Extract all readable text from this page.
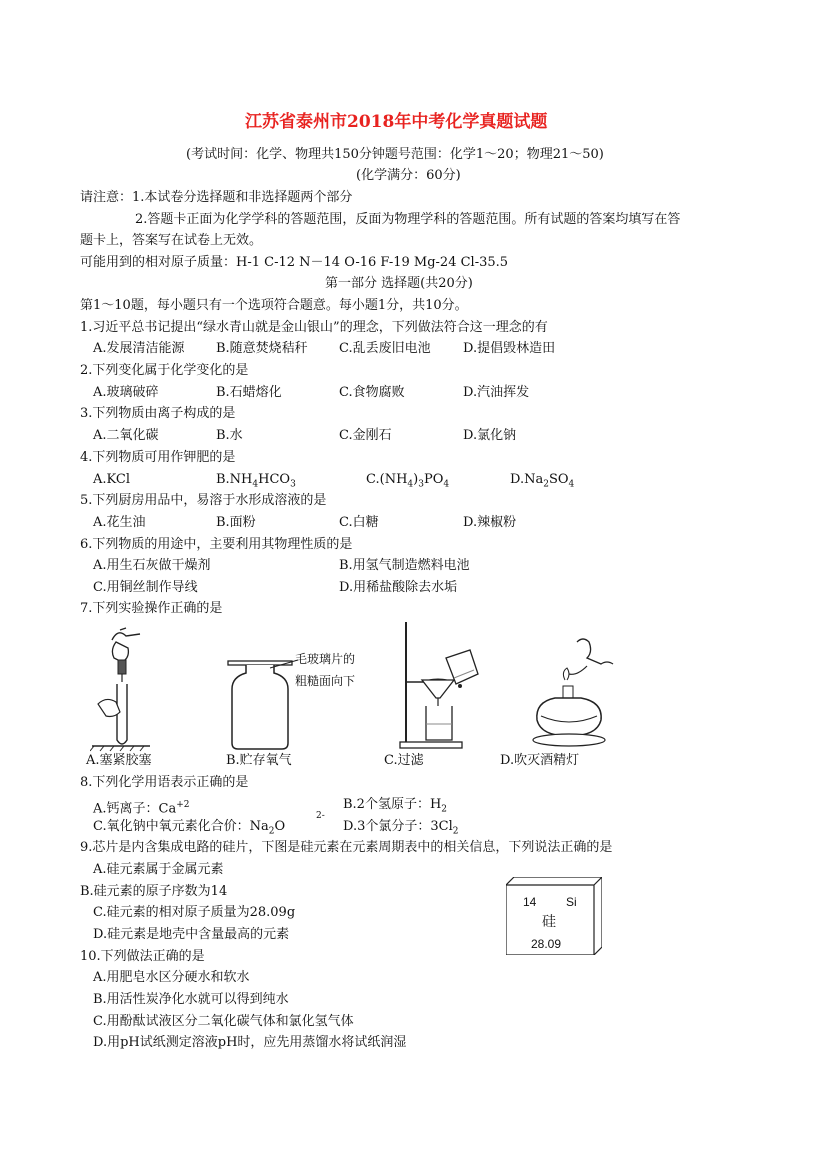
江苏省泰州市2018年中考化学真题试题
(考试时间：化学、物理共150分钟题号范围：化学1～20；物理21～50)
(化学满分：60分)
请注意：1.本试卷分选择题和非选择题两个部分
2.答题卡正面为化学学科的答题范围，反面为物理学科的答题范围。所有试题的答案均填写在答
题卡上，答案写在试卷上无效。
可能用到的相对原子质量：H-1 C-12 N－14 O-16 F-19 Mg-24 Cl-35.5
第一部分 选择题(共20分)
第1～10题，每小题只有一个选项符合题意。每小题1分，共10分。
1.习近平总书记提出“绿水青山就是金山银山”的理念，下列做法符合这一理念的有
A.发展清洁能源 B.随意焚烧秸秆 C.乱丢废旧电池 D.提倡毁林造田
2.下列变化属于化学变化的是
A.玻璃破碎	B.石蜡熔化	C.食物腐败	D.汽油挥发
3.下列物质由离子构成的是
A.二氧化碳	B.水	C.金刚石	D.氯化钠
4.下列物质可用作钾肥的是
A.KCl	$B.NH_4HCO_3$	$C.(NH_4)_3PO_4$	$D.Na_2SO_4$
5.下列厨房用品中，易溶于水形成溶液的是
A.花生油	B.面粉	C.白糖	D.辣椒粉
6.下列物质的用途中，主要利用其物理性质的是
A.用生石灰做干燥剂	B.用氢气制造燃料电池
C.用铜丝制作导线	D.用稀盐酸除去水垢
7.下列实验操作正确的是
A.塞紧胶塞
毛玻璃片的
粗糙面向下
B.贮存氧气	C.过滤	D.吹灭酒精灯
8.下列化学用语表示正确的是
A.钙离子：$Ca^{+2}$	B.2个氢原子：$H_2$
C.氧化钠中氧元素化合价：$Na_2O$
2-
D.3个氯分子：$3Cl_2$
9.芯片是内含集成电路的硅片，下图是硅元素在元素周期表中的相关信息，下列说法正确的是
A.硅元素属于金属元素
B.硅元素的原子序数为14
C.硅元素的相对原子质量为28.09g
D.硅元素是地壳中含量最高的元素
14 Si
硅
28.09
10.下列做法正确的是
A.用肥皂水区分硬水和软水
B.用活性炭净化水就可以得到纯水
C.用酚酞试液区分二氧化碳气体和氯化氢气体
D.用pH试纸测定溶液pH时，应先用蒸馏水将试纸润湿
